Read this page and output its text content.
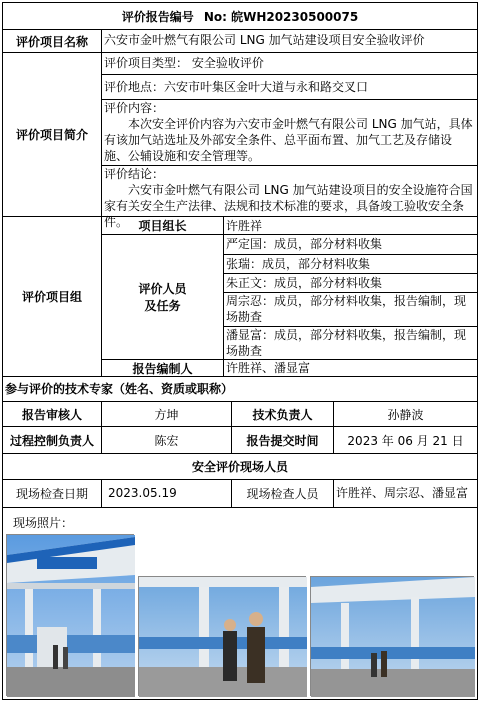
评价报告编号 No: 皖WH20230500075
评价项目名称	六安市金叶燃气有限公司 LNG 加气站建设项目安全验收评价
评价项目简介
评价项目类型： 安全验收评价
评价地点：六安市叶集区金叶大道与永和路交叉口
评价内容：
本次安全评价内容为六安市金叶燃气有限公司 LNG 加气站，具体有该加气站选址及外部安全条件、总平面布置、加气工艺及存储设施、公辅设施和安全管理等。
评价结论：
六安市金叶燃气有限公司 LNG 加气站建设项目的安全设施符合国家有关安全生产法律、法规和技术标准的要求，具备竣工验收安全条件。
评价项目组
项目组长	许胜祥
评价人员
及任务
严定国：成员，部分材料收集
张瑞：成员，部分材料收集
朱正文：成员，部分材料收集
周宗忍：成员，部分材料收集，报告编制，现场勘查
潘显富：成员，部分材料收集，报告编制，现场勘查
报告编制人	许胜祥、潘显富
参与评价的技术专家（姓名、资质或职称）
报告审核人	方坤	技术负责人	孙静波
过程控制负责人	陈宏	报告提交时间	2023 年 06 月 21 日
安全评价现场人员
现场检查日期	2023.05.19	现场检查人员	许胜祥、周宗忍、潘显富
现场照片：
